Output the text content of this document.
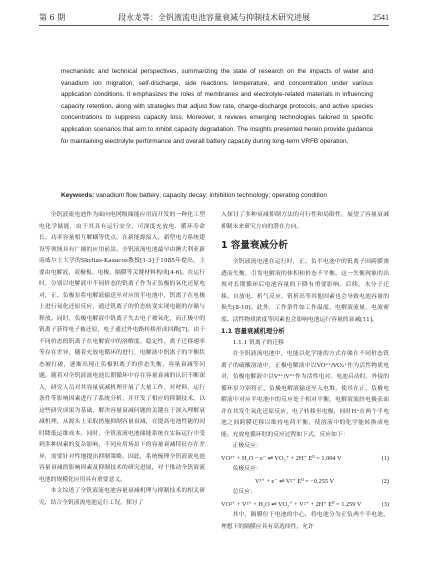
第 6 期	段永龙等：全钒液流电池容量衰减与抑制技术研究进展	2541
mechanistic and technical perspectives, summarizing the state of research on the impacts of water and vanadium ion migration, self-discharge, side reactions, temperature, and concentration under various application conditions. It emphasizes the roles of membranes and electrolyte-related materials in influencing capacity retention, along with strategies that adjust flow rate, charge-discharge protocols, and active species concentrations to suppress capacity loss. Moreover, it reviews emerging technologies tailored to specific application scenarios that aim to inhibit capacity degradation. The insights presented herein provide guidance for maintaining electrolyte performance and overall battery capacity during long-term VRFB operation.
Keywords: vanadium flow battery; capacity decay; inhibition technology; operating condition

全钒液流电池作为面向电网级储能应用而开发的一种化工型电化学储能，由于其具有运行安全、可深度充放电、循环寿命长、功率容量相互解耦等优点，在新能源接入、新型电力系统建设等领域具有广阔的应用前景。全钒液流电池最早由澳大利亚新南威尔士大学的Skyllas-Kazacos教授[1-3]于1985年提出，主要由电解液、双极板、电极、隔膜等关键材料构成[4-6]。在运行时，分别以电解液中不同价态的钒离子作为正负极的氧化还原电对，正、负极泵将电解液输送至对应的半电池中，钒离子在电极上进行氧化还原反应，通过钒离子的价态转变实现电能的存储与释放。同时，负极电解液中钒离子失去电子被氧化，而正极中的钒离子获得电子被还原，电子通过外电路转移形成回路[7]。由于不同价态的钒离子在电解液中的溶解度、稳定性、离子迁移速率等存在差异，随着充放电循环的进行，电解液中钒离子的平衡状态被打破，逐渐出现正负极钒离子的价态失衡、容量衰减等问题。随着对全钒液流电池长期循环中存在容量衰减的认识不断深入，研究人员对其容量衰减机理开展了大量工作，对材料、运行条件等影响因素进行了系统分析，并开发了相应的抑制技术。以这些研究成果为基础，解决容量衰减问题的关键在于深入理解衰减机理，从源头上采取措施抑制容量衰减，在提高电池性能的同时降低运维成本。同时，全钒液流电池储能系统在实际运行中受到多种因素的复杂影响，不同应用场景下的容量衰减特征存在差异，需要针对性地提出抑制策略。因此，系统梳理全钒液流电池容量衰减的影响因素及抑制技术的研究进展，对于推动全钒液流电池的规模化应用具有重要意义。

本文综述了全钒液流电池容量衰减机理与抑制技术的相关研究，结合全钒液流电池运行工况，探讨了

入探讨了多种衰减抑制方法的可行性和局限性，展望了容量衰减抑制未来研究方向的潜在方向。

1 容量衰减分析

全钒液流电池在运行时，正、负半电池中的钒离子因跨膜渗透而失衡，引发电解液的体积和价态不平衡。这一失衡现象的出现对长期循环后电池容量的下降有重要影响。后续，水分子迁移、自放电、析气反应、钒析出等其他因素也会导致电池容量的损失[8-10]。此外，工作条件如工作温度、电解液流量、电流密度、活性物质浓度等因素也会影响电池运行容量的衰减[11]。

1.1 容量衰减机理分析
1.1.1 钒离子的迁移

在全钒液流电池中，电能以化学能的方式存储在不同价态钒离子的硫酸溶液中，正极电解液中以VO²⁺/VO₂⁺作为活性物质电对，负极电解液中以V²⁺/V³⁺作为活性电对。电池启动时，外接的循环泵分别将正、负极电解液输送至入电堆，使其在正、负极电解液中对应半电池中的反应处于相对平衡，电解液流经电极表面并在其发生氧化还原反应，电子转移至电极，同时H⁺在两个半电池之间跨膜迁移以维持电荷平衡，使溶液中的化学能转换成电能。充放电循环时的反应过程如下式，反应如下：

正极反应：
VO²⁺ + H₂O − e⁻ ⇌ VO₂⁺ + 2H⁺ E⁰ = 1.004 V	(1)
负极反应：
V³⁺ + e⁻ ⇌ V²⁺ E⁰ = −0.255 V	(2)
总反应：
VO²⁺ + V³⁺ + H₂O ⇌ VO₂⁺ + V²⁺ + 2H⁺ E⁰ = 1.259 V	(3)

其中，隔膜位于电池的中心，将电池分为正负两个半电池，理想下的隔膜应具有高选择性，允许
